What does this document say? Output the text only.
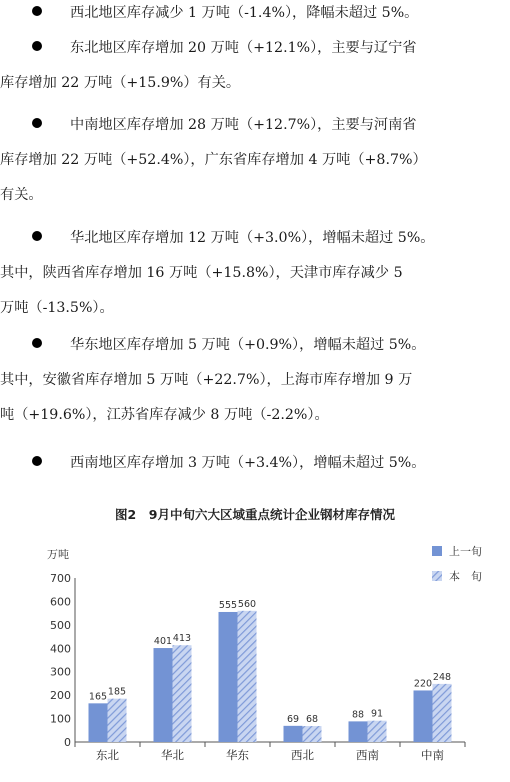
西北地区库存减少 1 万吨（-1.4%），降幅未超过 5%。
东北地区库存增加 20 万吨（+12.1%），主要与辽宁省
库存增加 22 万吨（+15.9%）有关。
中南地区库存增加 28 万吨（+12.7%），主要与河南省
库存增加 22 万吨（+52.4%），广东省库存增加 4 万吨（+8.7%）
有关。
华北地区库存增加 12 万吨（+3.0%），增幅未超过 5%。
其中，陕西省库存增加 16 万吨（+15.8%），天津市库存减少 5
万吨（-13.5%）。
华东地区库存增加 5 万吨（+0.9%），增幅未超过 5%。
其中，安徽省库存增加 5 万吨（+22.7%），上海市库存增加 9 万
吨（+19.6%），江苏省库存减少 8 万吨（-2.2%）。
西南地区库存增加 3 万吨（+3.4%），增幅未超过 5%。
图2　9月中旬六大区域重点统计企业钢材库存情况
万吨
0
100
200
300
400
500
600
700
东北
165 185
华北
401 413
华东
555 560
西北
69 68
西南
88 91
中南
220
248
上一旬
本　旬
